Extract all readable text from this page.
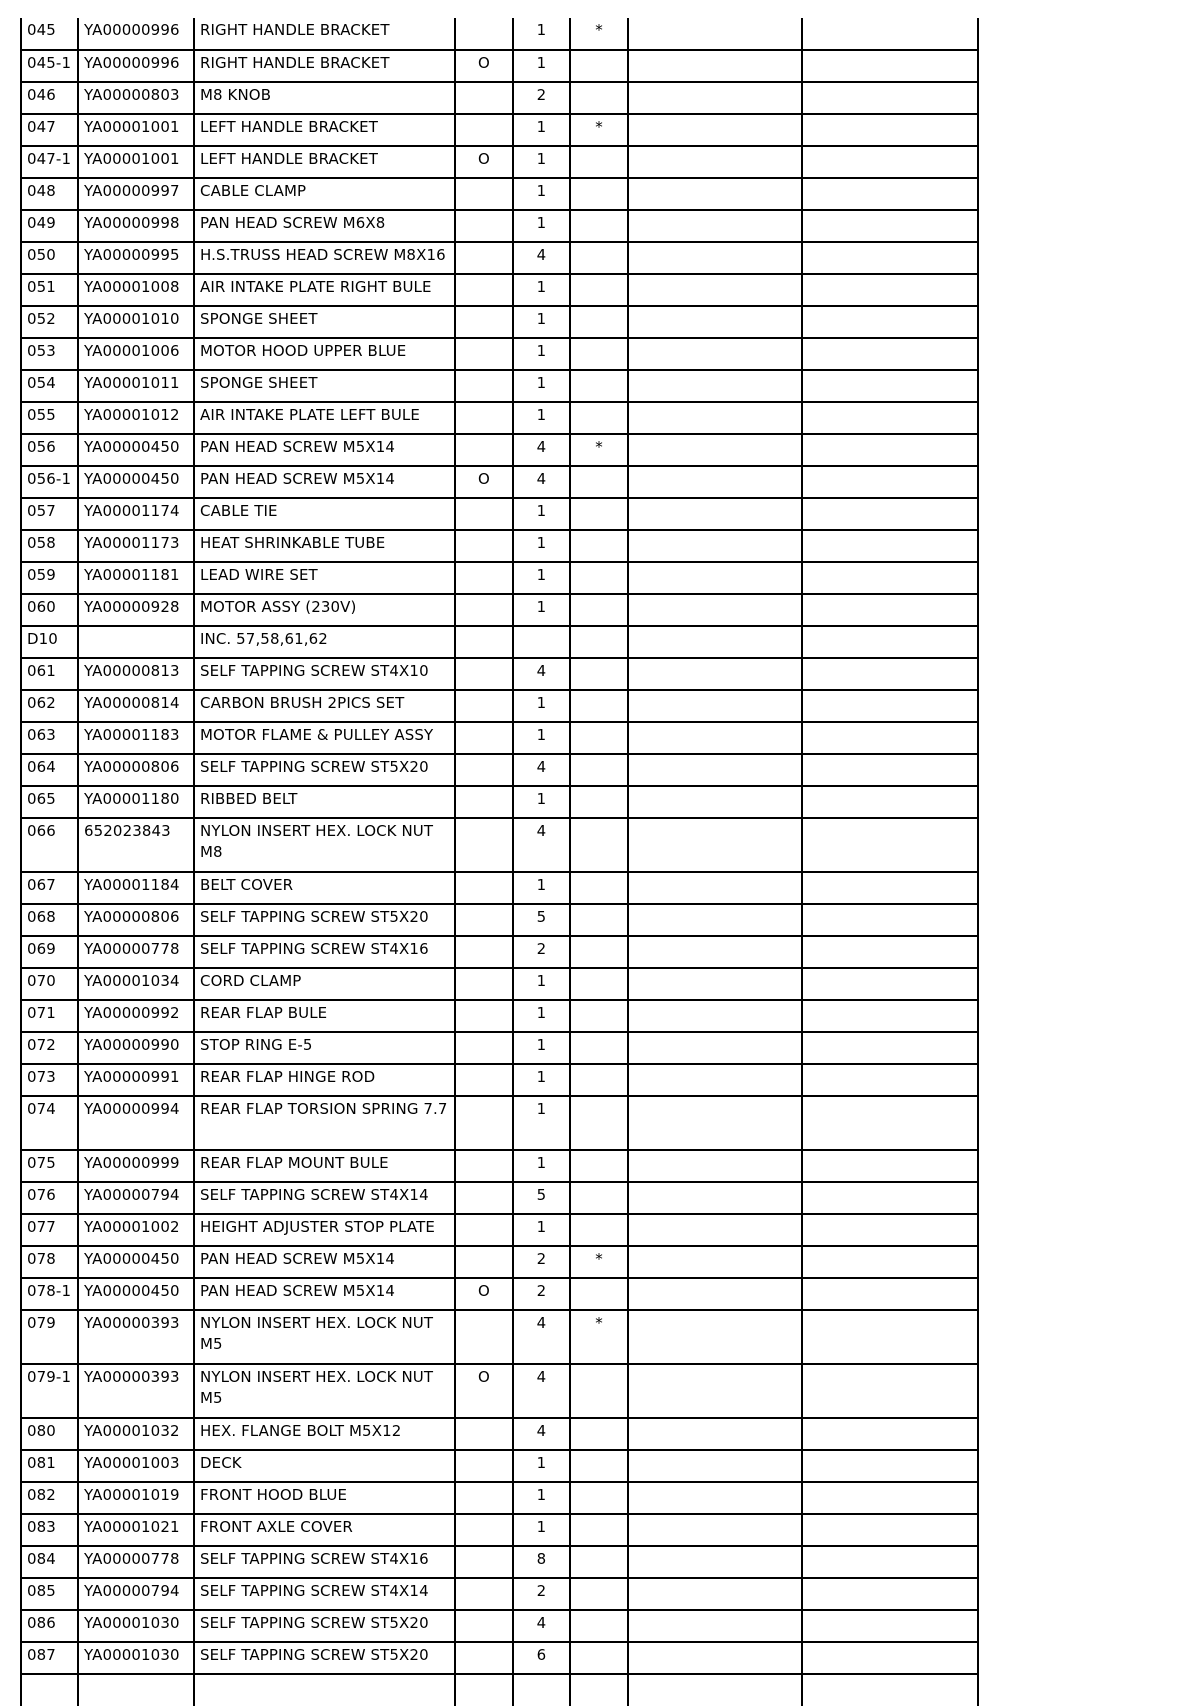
045	YA00000996	RIGHT HANDLE BRACKET		1	*		
045-1	YA00000996	RIGHT HANDLE BRACKET	O	1			
046	YA00000803	M8 KNOB		2			
047	YA00001001	LEFT HANDLE BRACKET		1	*		
047-1	YA00001001	LEFT HANDLE BRACKET	O	1			
048	YA00000997	CABLE CLAMP		1			
049	YA00000998	PAN HEAD SCREW M6X8		1			
050	YA00000995	H.S.TRUSS HEAD SCREW M8X16		4			
051	YA00001008	AIR INTAKE PLATE RIGHT BULE		1			
052	YA00001010	SPONGE SHEET		1			
053	YA00001006	MOTOR HOOD UPPER BLUE		1			
054	YA00001011	SPONGE SHEET		1			
055	YA00001012	AIR INTAKE PLATE LEFT BULE		1			
056	YA00000450	PAN HEAD SCREW M5X14		4	*		
056-1	YA00000450	PAN HEAD SCREW M5X14	O	4			
057	YA00001174	CABLE TIE		1			
058	YA00001173	HEAT SHRINKABLE TUBE		1			
059	YA00001181	LEAD WIRE SET		1			
060	YA00000928	MOTOR ASSY (230V)		1			
D10		INC. 57,58,61,62					
061	YA00000813	SELF TAPPING SCREW ST4X10		4			
062	YA00000814	CARBON BRUSH 2PICS SET		1			
063	YA00001183	MOTOR FLAME & PULLEY ASSY		1			
064	YA00000806	SELF TAPPING SCREW ST5X20		4			
065	YA00001180	RIBBED BELT		1			
066	652023843	NYLON INSERT HEX. LOCK NUT M8		4			
067	YA00001184	BELT COVER		1			
068	YA00000806	SELF TAPPING SCREW ST5X20		5			
069	YA00000778	SELF TAPPING SCREW ST4X16		2			
070	YA00001034	CORD CLAMP		1			
071	YA00000992	REAR FLAP BULE		1			
072	YA00000990	STOP RING E-5		1			
073	YA00000991	REAR FLAP HINGE ROD		1			
074	YA00000994	REAR FLAP TORSION SPRING 7.7		1			
075	YA00000999	REAR FLAP MOUNT BULE		1			
076	YA00000794	SELF TAPPING SCREW ST4X14		5			
077	YA00001002	HEIGHT ADJUSTER STOP PLATE		1			
078	YA00000450	PAN HEAD SCREW M5X14		2	*		
078-1	YA00000450	PAN HEAD SCREW M5X14	O	2			
079	YA00000393	NYLON INSERT HEX. LOCK NUT M5		4	*		
079-1	YA00000393	NYLON INSERT HEX. LOCK NUT M5	O	4			
080	YA00001032	HEX. FLANGE BOLT M5X12		4			
081	YA00001003	DECK		1			
082	YA00001019	FRONT HOOD BLUE		1			
083	YA00001021	FRONT AXLE COVER		1			
084	YA00000778	SELF TAPPING SCREW ST4X16		8			
085	YA00000794	SELF TAPPING SCREW ST4X14		2			
086	YA00001030	SELF TAPPING SCREW ST5X20		4			
087	YA00001030	SELF TAPPING SCREW ST5X20		6			
